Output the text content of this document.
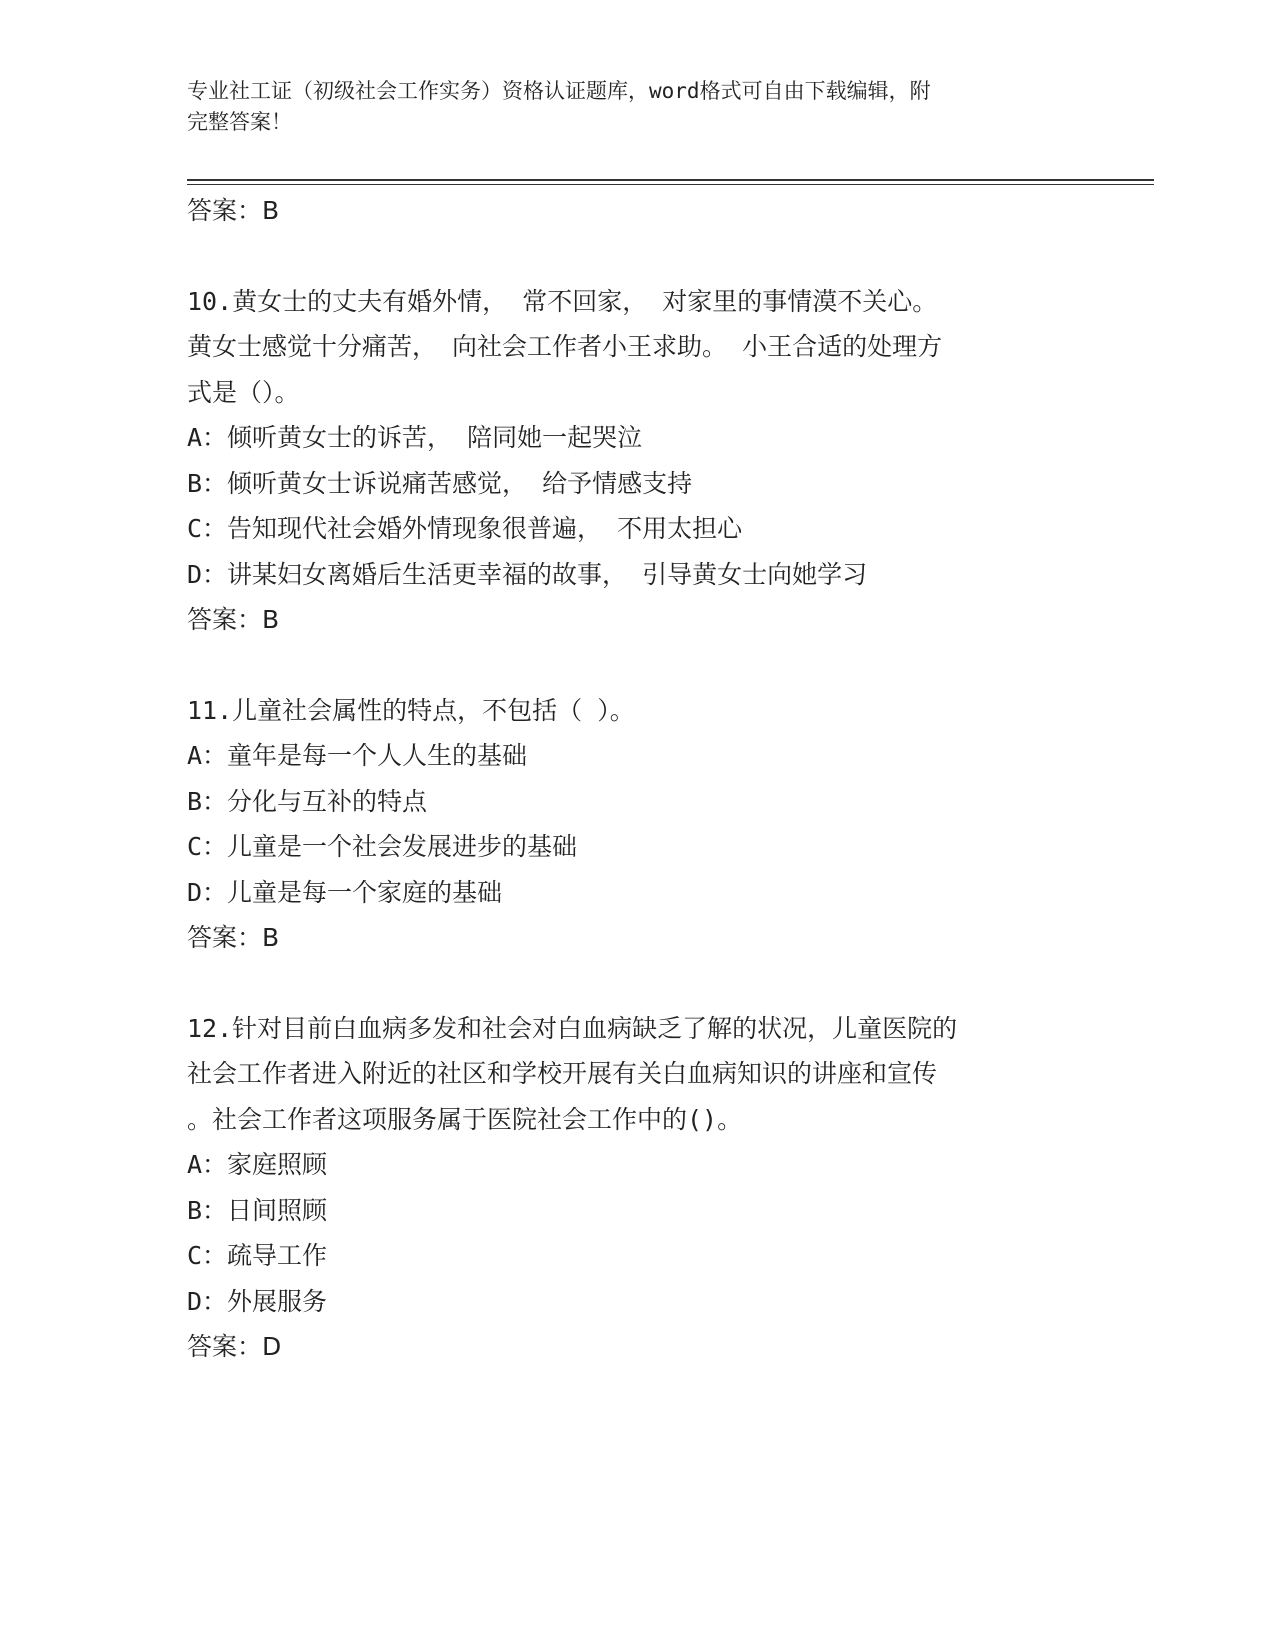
专业社工证（初级社会工作实务）资格认证题库，word格式可自由下载编辑，附
完整答案！
答案：B
10.黄女士的丈夫有婚外情， 常不回家， 对家里的事情漠不关心。
黄女士感觉十分痛苦， 向社会工作者小王求助。 小王合适的处理方
式是（）。
A：倾听黄女士的诉苦， 陪同她一起哭泣
B：倾听黄女士诉说痛苦感觉， 给予情感支持
C：告知现代社会婚外情现象很普遍， 不用太担心
D：讲某妇女离婚后生活更幸福的故事， 引导黄女士向她学习
答案：B
11.儿童社会属性的特点，不包括（ ）。
A：童年是每一个人人生的基础
B：分化与互补的特点
C：儿童是一个社会发展进步的基础
D：儿童是每一个家庭的基础
答案：B
12.针对目前白血病多发和社会对白血病缺乏了解的状况，儿童医院的
社会工作者进入附近的社区和学校开展有关白血病知识的讲座和宣传
。社会工作者这项服务属于医院社会工作中的()。
A：家庭照顾
B：日间照顾
C：疏导工作
D：外展服务
答案：D
